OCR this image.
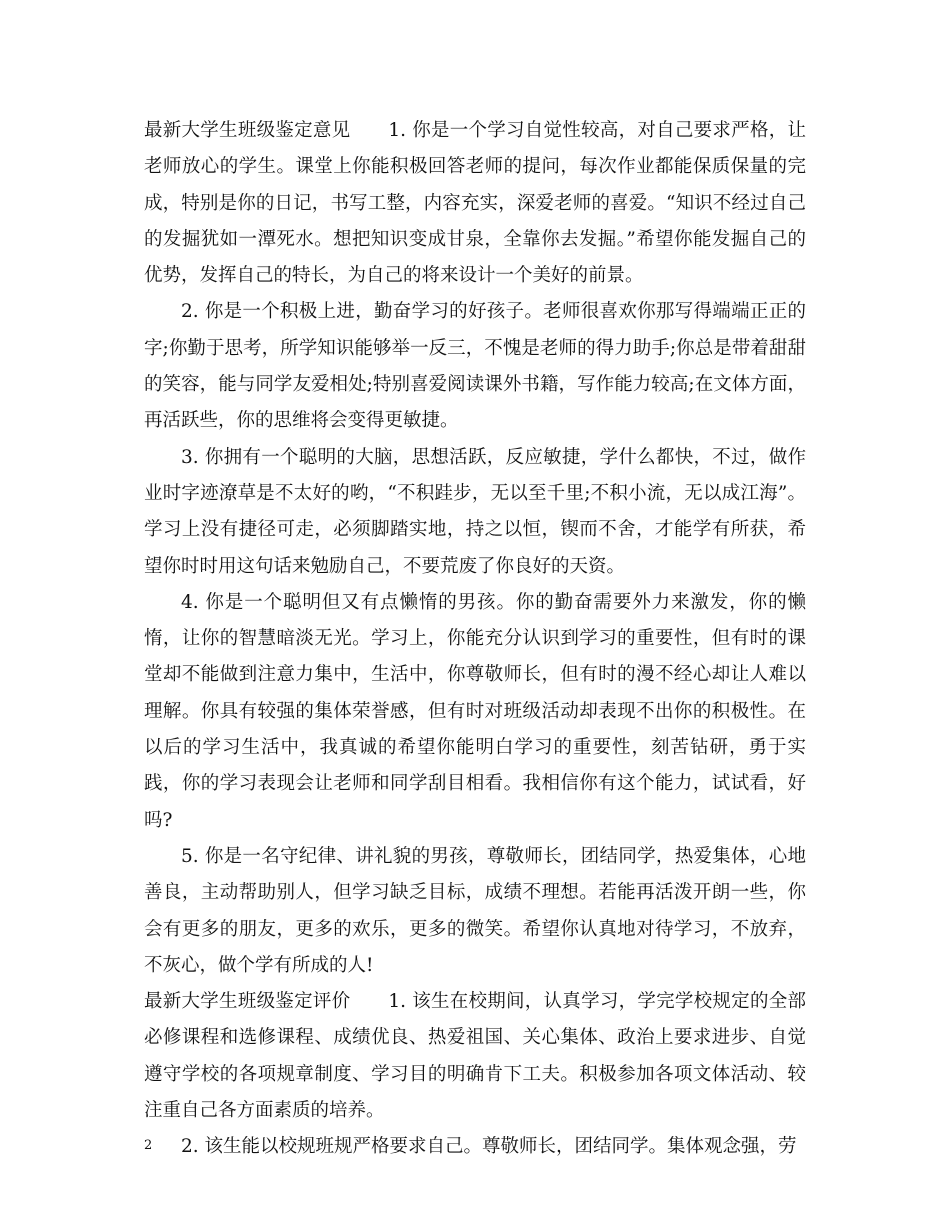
最新大学生班级鉴定意见 1. 你是一个学习自觉性较高，对自己要求严格，让老师放心的学生。课堂上你能积极回答老师的提问，每次作业都能保质保量的完成，特别是你的日记，书写工整，内容充实，深爱老师的喜爱。“知识不经过自己的发掘犹如一潭死水。想把知识变成甘泉，全靠你去发掘。”希望你能发掘自己的优势，发挥自己的特长，为自己的将来设计一个美好的前景。

2. 你是一个积极上进，勤奋学习的好孩子。老师很喜欢你那写得端端正正的字;你勤于思考，所学知识能够举一反三，不愧是老师的得力助手;你总是带着甜甜的笑容，能与同学友爱相处;特别喜爱阅读课外书籍，写作能力较高;在文体方面，再活跃些，你的思维将会变得更敏捷。

3. 你拥有一个聪明的大脑，思想活跃，反应敏捷，学什么都快，不过，做作业时字迹潦草是不太好的哟，“不积跬步，无以至千里;不积小流，无以成江海”。学习上没有捷径可走，必须脚踏实地，持之以恒，锲而不舍，才能学有所获，希望你时时用这句话来勉励自己，不要荒废了你良好的天资。

4. 你是一个聪明但又有点懒惰的男孩。你的勤奋需要外力来激发，你的懒惰，让你的智慧暗淡无光。学习上，你能充分认识到学习的重要性，但有时的课堂却不能做到注意力集中，生活中，你尊敬师长，但有时的漫不经心却让人难以理解。你具有较强的集体荣誉感，但有时对班级活动却表现不出你的积极性。在以后的学习生活中，我真诚的希望你能明白学习的重要性，刻苦钻研，勇于实践，你的学习表现会让老师和同学刮目相看。我相信你有这个能力，试试看，好吗?

5. 你是一名守纪律、讲礼貌的男孩，尊敬师长，团结同学，热爱集体，心地善良，主动帮助别人，但学习缺乏目标，成绩不理想。若能再活泼开朗一些，你会有更多的朋友，更多的欢乐，更多的微笑。希望你认真地对待学习，不放弃，不灰心，做个学有所成的人!

最新大学生班级鉴定评价 1. 该生在校期间，认真学习，学完学校规定的全部必修课程和选修课程、成绩优良、热爱祖国、关心集体、政治上要求进步、自觉遵守学校的各项规章制度、学习目的明确肯下工夫。积极参加各项文体活动、较注重自己各方面素质的培养。

2. 该生能以校规班规严格要求自己。尊敬师长，团结同学。集体观念强，劳

2
